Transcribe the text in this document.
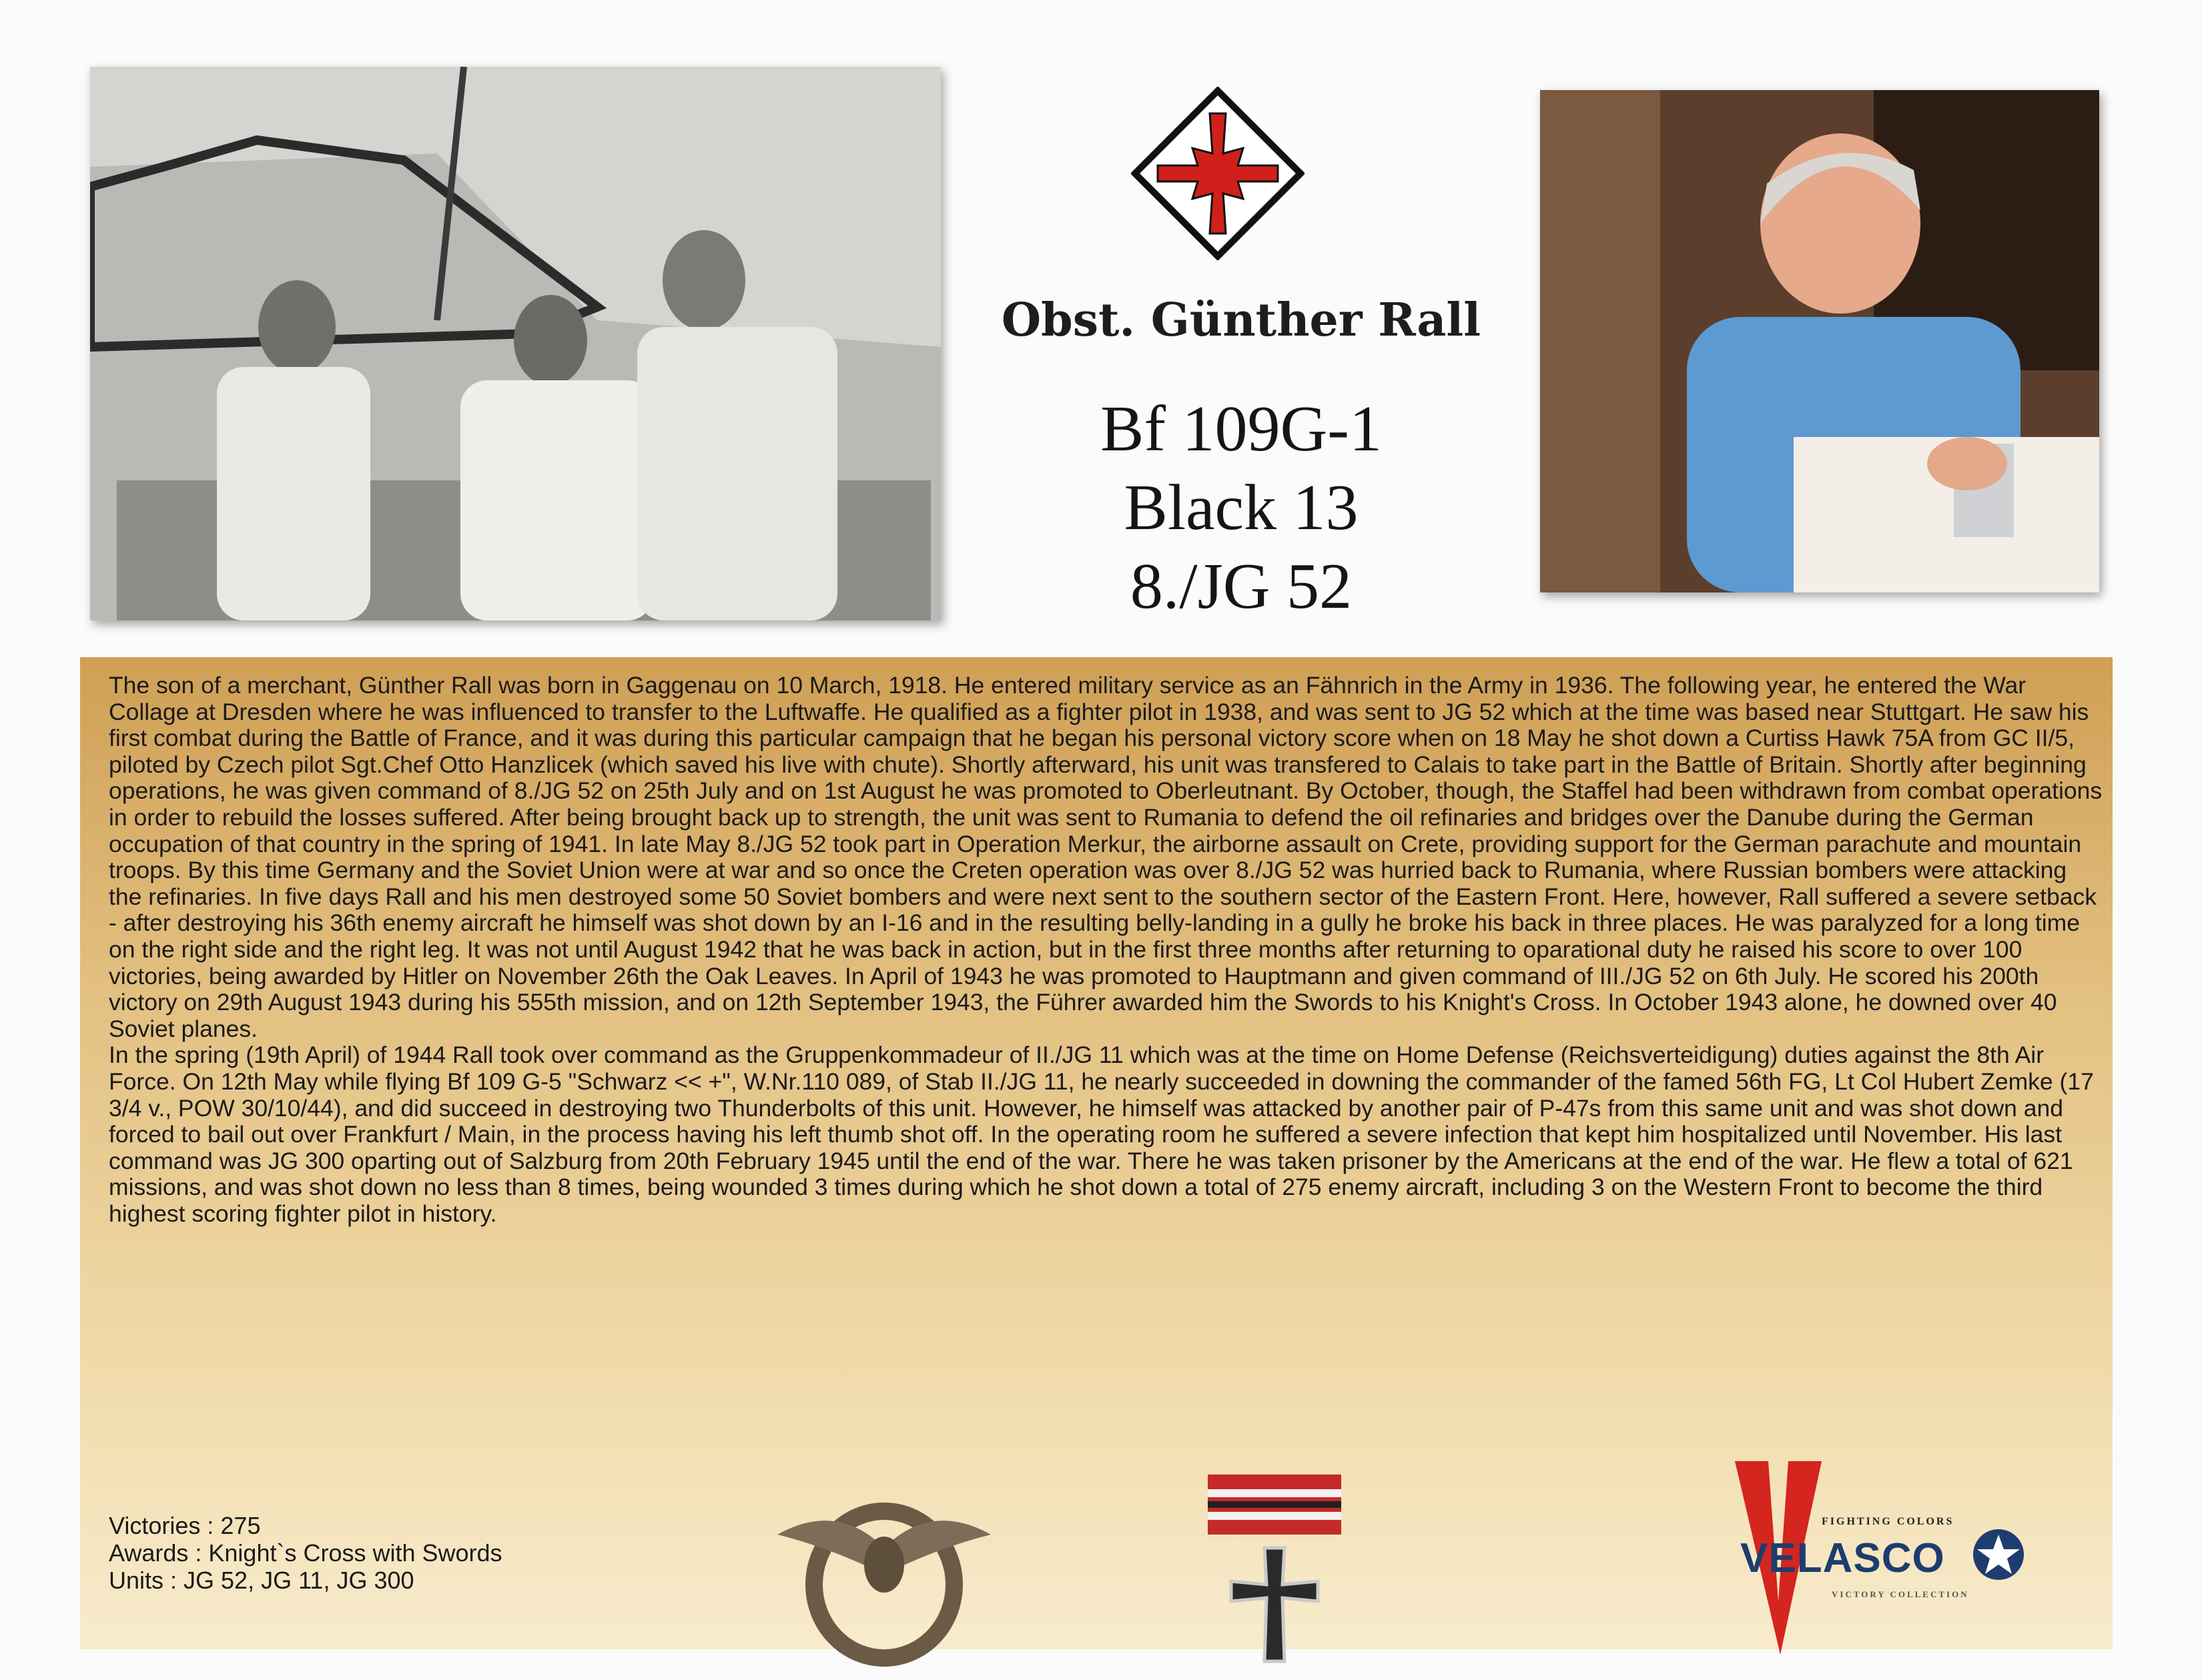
Obst. Günther Rall
Bf 109G-1
Black 13
8./JG 52

The son of a merchant, Günther Rall was born in Gaggenau on 10 March, 1918. He entered military service as an Fähnrich in the Army in 1936. The following year, he entered the War Collage at Dresden where he was influenced to transfer to the Luftwaffe. He qualified as a fighter pilot in 1938, and was sent to JG 52 which at the time was based near Stuttgart. He saw his first combat during the Battle of France, and it was during this particular campaign that he began his personal victory score when on 18 May he shot down a Curtiss Hawk 75A from GC II/5, piloted by Czech pilot Sgt.Chef Otto Hanzlicek (which saved his live with chute). Shortly afterward, his unit was transfered to Calais to take part in the Battle of Britain. Shortly after beginning operations, he was given command of 8./JG 52 on 25th July and on 1st August he was promoted to Oberleutnant. By October, though, the Staffel had been withdrawn from combat operations in order to rebuild the losses suffered. After being brought back up to strength, the unit was sent to Rumania to defend the oil refinaries and bridges over the Danube during the German occupation of that country in the spring of 1941. In late May 8./JG 52 took part in Operation Merkur, the airborne assault on Crete, providing support for the German parachute and mountain troops. By this time Germany and the Soviet Union were at war and so once the Creten operation was over 8./JG 52 was hurried back to Rumania, where Russian bombers were attacking the refinaries. In five days Rall and his men destroyed some 50 Soviet bombers and were next sent to the southern sector of the Eastern Front. Here, however, Rall suffered a severe setback - after destroying his 36th enemy aircraft he himself was shot down by an I-16 and in the resulting belly-landing in a gully he broke his back in three places. He was paralyzed for a long time on the right side and the right leg. It was not until August 1942 that he was back in action, but in the first three months after returning to oparational duty he raised his score to over 100 victories, being awarded by Hitler on November 26th the Oak Leaves. In April of 1943 he was promoted to Hauptmann and given command of III./JG 52 on 6th July. He scored his 200th victory on 29th August 1943 during his 555th mission, and on 12th September 1943, the Führer awarded him the Swords to his Knight's Cross. In October 1943 alone, he downed over 40 Soviet planes.

In the spring (19th April) of 1944 Rall took over command as the Gruppenkommadeur of II./JG 11 which was at the time on Home Defense (Reichsverteidigung) duties against the 8th Air Force. On 12th May while flying Bf 109 G-5 "Schwarz << +", W.Nr.110 089, of Stab II./JG 11, he nearly succeeded in downing the commander of the famed 56th FG, Lt Col Hubert Zemke (17 3/4 v., POW 30/10/44), and did succeed in destroying two Thunderbolts of this unit. However, he himself was attacked by another pair of P-47s from this same unit and was shot down and forced to bail out over Frankfurt / Main, in the process having his left thumb shot off. In the operating room he suffered a severe infection that kept him hospitalized until November. His last command was JG 300 oparting out of Salzburg from 20th February 1945 until the end of the war. There he was taken prisoner by the Americans at the end of the war. He flew a total of 621 missions, and was shot down no less than 8 times, being wounded 3 times during which he shot down a total of 275 enemy aircraft, including 3 on the Western Front to become the third highest scoring fighter pilot in history.

Victories : 275
Awards : Knight`s Cross with Swords
Units : JG 52, JG 11, JG 300
FIGHTING COLORS
VELASCO
VICTORY COLLECTION
